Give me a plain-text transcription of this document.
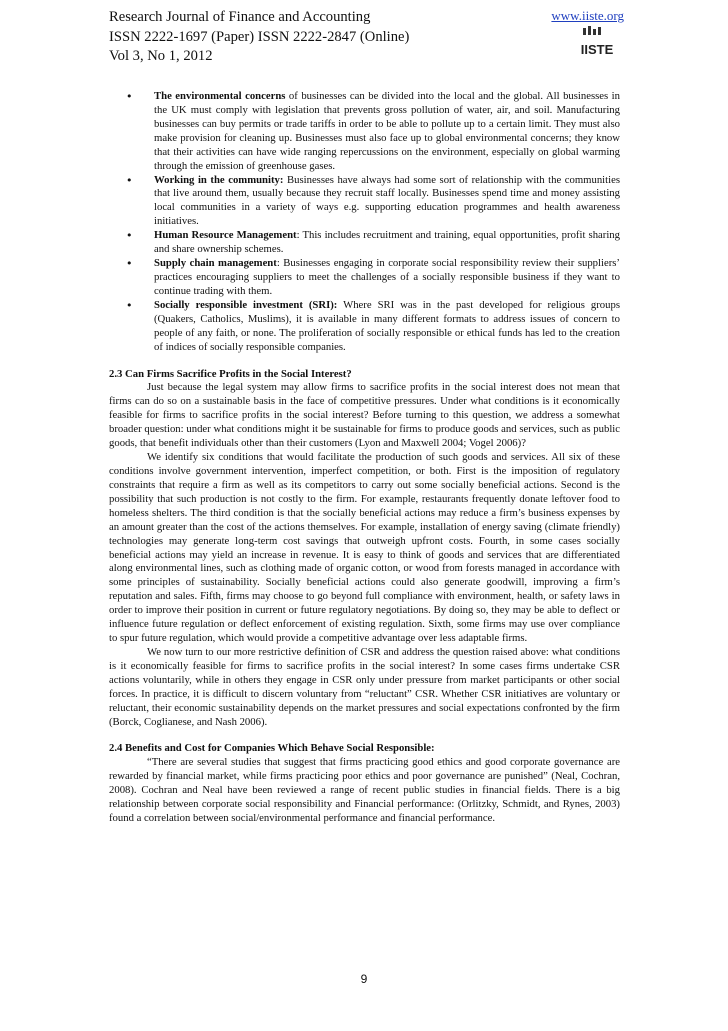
Research Journal of Finance and Accounting
ISSN 2222-1697 (Paper) ISSN 2222-2847 (Online)
Vol 3, No 1, 2012
www.iiste.org
IISTE
• The environmental concerns of businesses can be divided into the local and the global. All businesses in the UK must comply with legislation that prevents gross pollution of water, air, and soil. Manufacturing businesses can buy permits or trade tariffs in order to be able to pollute up to a certain limit. They must also make provision for cleaning up. Businesses must also face up to global environmental concerns; they know that their activities can have wide ranging repercussions on the environment, especially on global warming through the emission of greenhouse gases.
• Working in the community: Businesses have always had some sort of relationship with the communities that live around them, usually because they recruit staff locally. Businesses spend time and money assisting local communities in a variety of ways e.g. supporting education programmes and health awareness initiatives.
• Human Resource Management: This includes recruitment and training, equal opportunities, profit sharing and share ownership schemes.
• Supply chain management: Businesses engaging in corporate social responsibility review their suppliers’ practices encouraging suppliers to meet the challenges of a socially responsible business if they want to continue trading with them.
• Socially responsible investment (SRI): Where SRI was in the past developed for religious groups (Quakers, Catholics, Muslims), it is available in many different formats to address issues of concern to people of any faith, or none. The proliferation of socially responsible or ethical funds has led to the creation of indices of socially responsible companies.
2.3 Can Firms Sacrifice Profits in the Social Interest?

Just because the legal system may allow firms to sacrifice profits in the social interest does not mean that firms can do so on a sustainable basis in the face of competitive pressures. Under what conditions is it economically feasible for firms to sacrifice profits in the social interest? Before turning to this question, we address a somewhat broader question: under what conditions might it be sustainable for firms to produce goods and services, such as public goods, that benefit individuals other than their customers (Lyon and Maxwell 2004; Vogel 2006)?

We identify six conditions that would facilitate the production of such goods and services. All six of these conditions involve government intervention, imperfect competition, or both. First is the imposition of regulatory constraints that require a firm as well as its competitors to carry out some socially beneficial actions. Second is the possibility that such production is not costly to the firm. For example, restaurants frequently donate leftover food to homeless shelters. The third condition is that the socially beneficial actions may reduce a firm’s business expenses by an amount greater than the cost of the actions themselves. For example, installation of energy saving (climate friendly) technologies may generate long-term cost savings that outweigh upfront costs. Fourth, in some cases socially beneficial actions may yield an increase in revenue. It is easy to think of goods and services that are differentiated along environmental lines, such as clothing made of organic cotton, or wood from forests managed in accordance with some principles of sustainability. Socially beneficial actions could also generate goodwill, improving a firm’s reputation and sales. Fifth, firms may choose to go beyond full compliance with environment, health, or safety laws in order to improve their position in current or future regulatory negotiations. By doing so, they may be able to deflect or influence future regulation or deflect enforcement of existing regulation. Sixth, some firms may use over compliance to spur future regulation, which would provide a competitive advantage over less adaptable firms.

We now turn to our more restrictive definition of CSR and address the question raised above: what conditions is it economically feasible for firms to sacrifice profits in the social interest? In some cases firms undertake CSR actions voluntarily, while in others they engage in CSR only under pressure from market participants or other social forces. In practice, it is difficult to discern voluntary from “reluctant” CSR. Whether CSR initiatives are voluntary or reluctant, their economic sustainability depends on the market pressures and social expectations confronted by the firm (Borck, Coglianese, and Nash 2006).

2.4 Benefits and Cost for Companies Which Behave Social Responsible:

“There are several studies that suggest that firms practicing good ethics and good corporate governance are rewarded by financial market, while firms practicing poor ethics and poor governance are punished” (Neal, Cochran, 2008). Cochran and Neal have been reviewed a range of recent public studies in financial fields. There is a big relationship between corporate social responsibility and Financial performance: (Orlitzky, Schmidt, and Rynes, 2003) found a correlation between social/environmental performance and financial performance.

9
